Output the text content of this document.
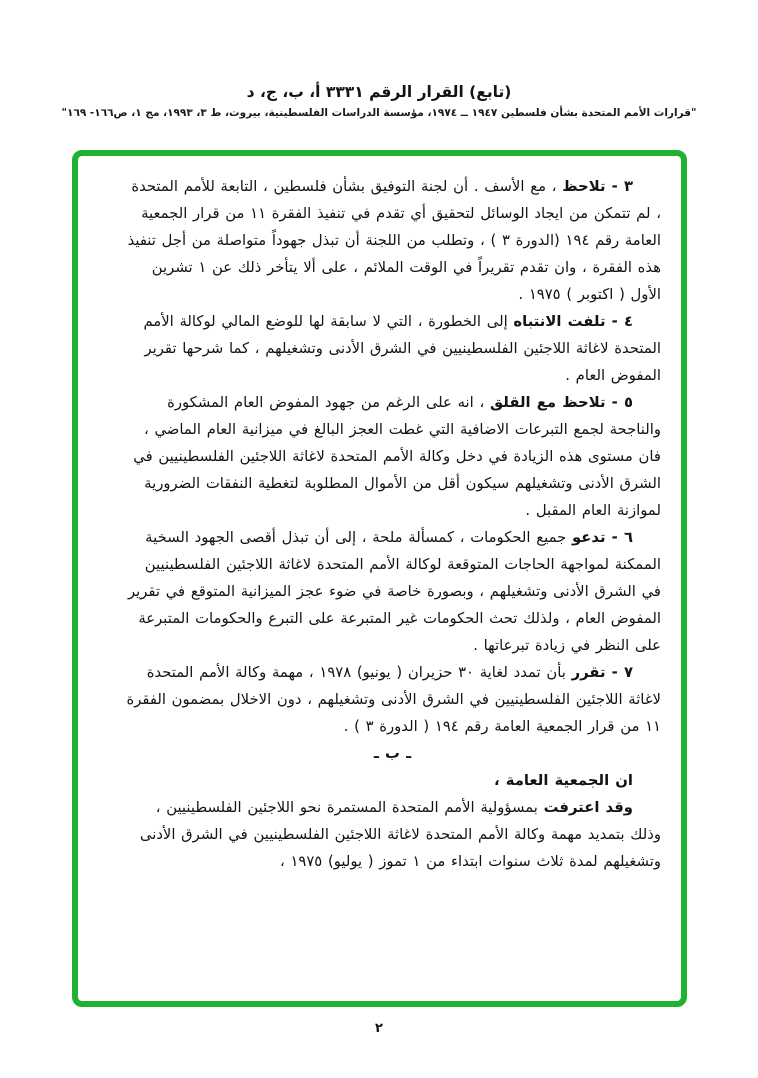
(تابع) القرار الرقم ٣٣٣١ أ، ب، ج، د
"قرارات الأمم المتحدة بشأن فلسطين ١٩٤٧ ــ ١٩٧٤، مؤسسة الدراسات الفلسطينية، بيروت، ط ٣، ١٩٩٣، مج ١، ص١٦٦- ١٦٩"

٣ - تلاحظ ، مع الأسف . أن لجنة التوفيق بشأن فلسطين ، التابعة للأمم المتحدة ، لم تتمكن من ايجاد الوسائل لتحقيق أي تقدم في تنفيذ الفقرة ١١ من قرار الجمعية العامة رقم ١٩٤ (الدورة ٣ ) ، وتطلب من اللجنة أن تبذل جهوداً متواصلة من أجل تنفيذ هذه الفقرة ، وان تقدم تقريراً في الوقت الملائم ، على ألا يتأخر ذلك عن ١ تشرين الأول ( اكتوبر ) ١٩٧٥ .

٤ - تلفت الانتباه إلى الخطورة ، التي لا سابقة لها للوضع المالي لوكالة الأمم المتحدة لاغاثة اللاجئين الفلسطينيين في الشرق الأدنى وتشغيلهم ، كما شرحها تقرير المفوض العام .

٥ - تلاحظ مع القلق ، انه على الرغم من جهود المفوض العام المشكورة والناجحة لجمع التبرعات الاضافية التي غطت العجز البالغ في ميزانية العام الماضي ، فان مستوى هذه الزيادة في دخل وكالة الأمم المتحدة لاغاثة اللاجئين الفلسطينيين في الشرق الأدنى وتشغيلهم سيكون أقل من الأموال المطلوبة لتغطية النفقات الضرورية لموازنة العام المقبل .

٦ - تدعو جميع الحكومات ، كمسألة ملحة ، إلى أن تبذل أقصى الجهود السخية الممكنة لمواجهة الحاجات المتوقعة لوكالة الأمم المتحدة لاغاثة اللاجئين الفلسطينيين في الشرق الأدنى وتشغيلهم ، وبصورة خاصة في ضوء عجز الميزانية المتوقع في تقرير المفوض العام ، ولذلك تحث الحكومات غير المتبرعة على التبرع والحكومات المتبرعة على النظر في زيادة تبرعاتها .

٧ - تقرر بأن تمدد لغاية ٣٠ حزيران ( يونيو) ١٩٧٨ ، مهمة وكالة الأمم المتحدة لاغاثة اللاجئين الفلسطينيين في الشرق الأدنى وتشغيلهم ، دون الاخلال بمضمون الفقرة ١١ من قرار الجمعية العامة رقم ١٩٤ ( الدورة ٣ ) .

ـ ب ـ

ان الجمعية العامة ،

وقد اعترفت بمسؤولية الأمم المتحدة المستمرة نحو اللاجئين الفلسطينيين ، وذلك بتمديد مهمة وكالة الأمم المتحدة لاغاثة اللاجئين الفلسطينيين في الشرق الأدنى وتشغيلهم لمدة ثلاث سنوات ابتداء من ١ تموز ( يوليو) ١٩٧٥ ،

٢
